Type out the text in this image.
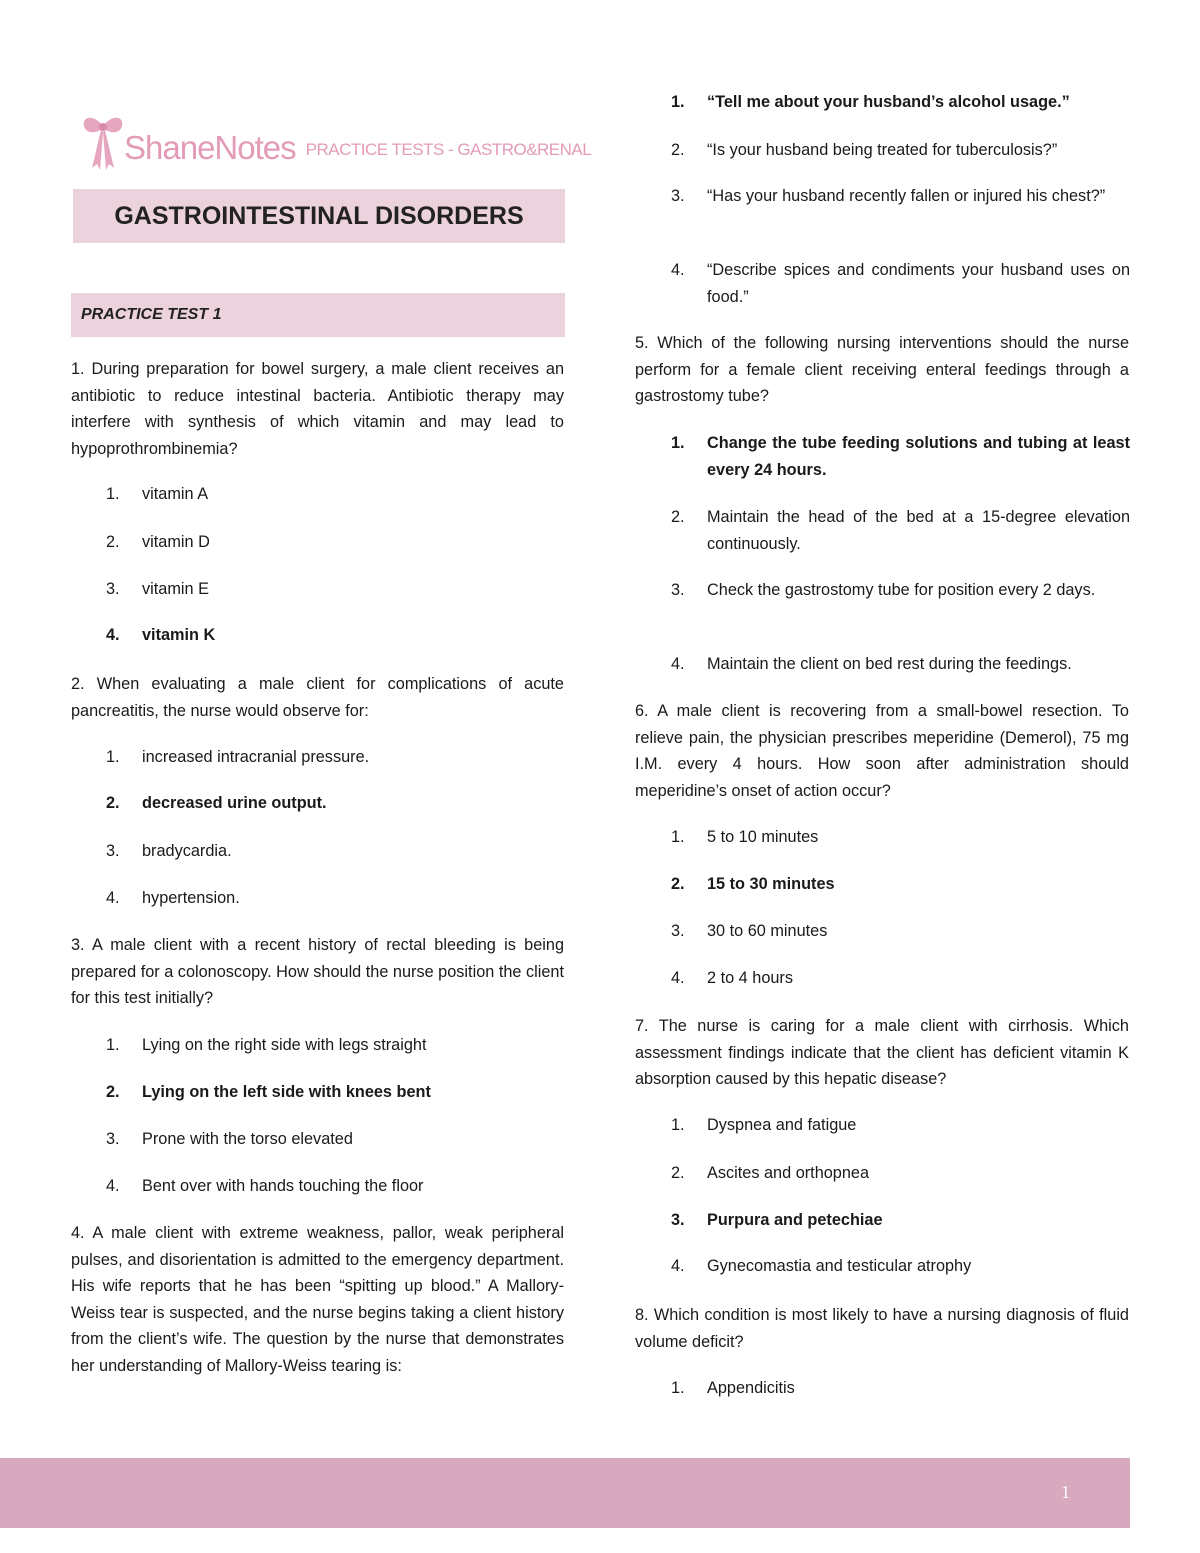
ShaneNotes PRACTICE TESTS - GASTRO&RENAL
GASTROINTESTINAL DISORDERS
PRACTICE TEST 1

1. During preparation for bowel surgery, a male client receives an antibiotic to reduce intestinal bacteria. Antibiotic therapy may interfere with synthesis of which vitamin and may lead to hypoprothrombinemia?

1.	vitamin A
2.	vitamin D
3.	vitamin E
4.	vitamin K

2. When evaluating a male client for complications of acute pancreatitis, the nurse would observe for:

1.	increased intracranial pressure.
2.	decreased urine output.
3.	bradycardia.
4.	hypertension.

3. A male client with a recent history of rectal bleeding is being prepared for a colonoscopy. How should the nurse position the client for this test initially?

1.	Lying on the right side with legs straight
2.	Lying on the left side with knees bent
3.	Prone with the torso elevated
4.	Bent over with hands touching the floor

4. A male client with extreme weakness, pallor, weak peripheral pulses, and disorientation is admitted to the emergency department. His wife reports that he has been “spitting up blood.” A Mallory-Weiss tear is suspected, and the nurse begins taking a client history from the client’s wife. The question by the nurse that demonstrates her understanding of Mallory-Weiss tearing is:

1.	“Tell me about your husband’s alcohol usage.”
2.	“Is your husband being treated for tuberculosis?”
3.	“Has your husband recently fallen or injured his chest?”
4.	“Describe spices and condiments your husband uses on food.”

5. Which of the following nursing interventions should the nurse perform for a female client receiving enteral feedings through a gastrostomy tube?

1.	Change the tube feeding solutions and tubing at least every 24 hours.
2.	Maintain the head of the bed at a 15-degree elevation continuously.
3.	Check the gastrostomy tube for position every 2 days.
4.	Maintain the client on bed rest during the feedings.

6. A male client is recovering from a small-bowel resection. To relieve pain, the physician prescribes meperidine (Demerol), 75 mg I.M. every 4 hours. How soon after administration should meperidine’s onset of action occur?

1.	5 to 10 minutes
2.	15 to 30 minutes
3.	30 to 60 minutes
4.	2 to 4 hours

7. The nurse is caring for a male client with cirrhosis. Which assessment findings indicate that the client has deficient vitamin K absorption caused by this hepatic disease?

1.	Dyspnea and fatigue
2.	Ascites and orthopnea
3.	Purpura and petechiae
4.	Gynecomastia and testicular atrophy

8. Which condition is most likely to have a nursing diagnosis of fluid volume deficit?

1.	Appendicitis
1
